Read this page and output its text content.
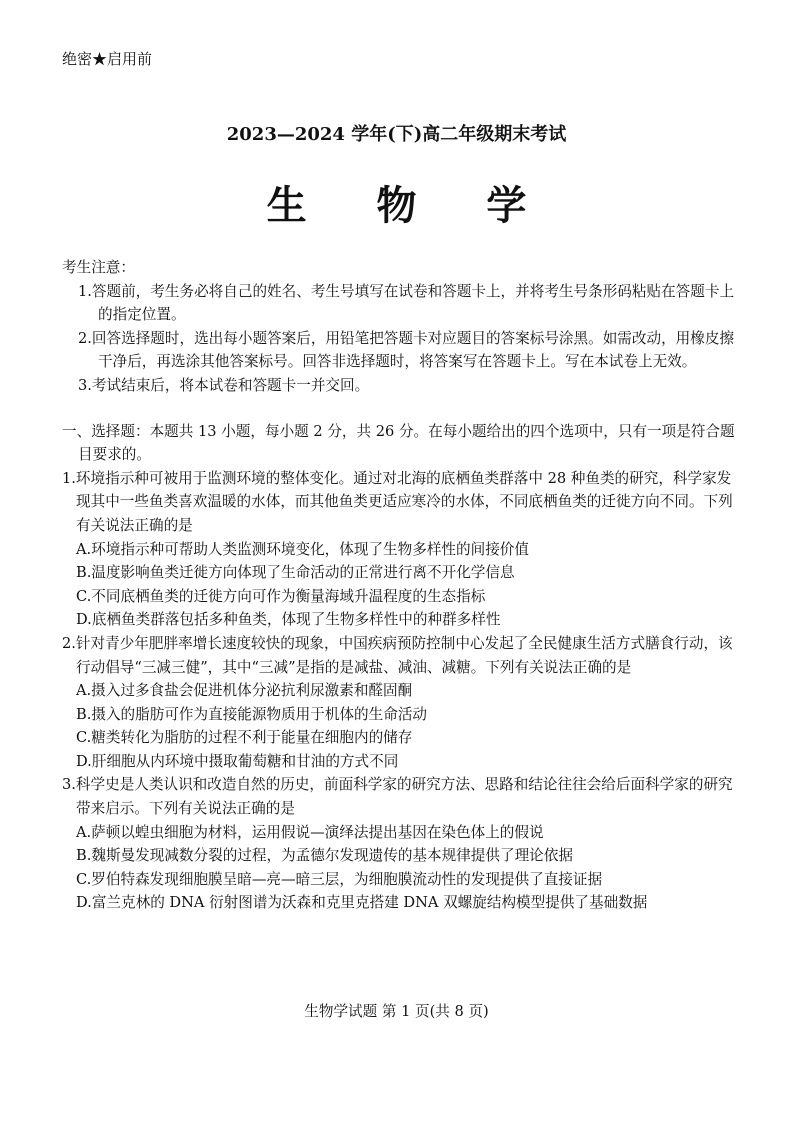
绝密★启用前
2023—2024 学年(下)高二年级期末考试
生 物 学

考生注意：

1.答题前，考生务必将自己的姓名、考生号填写在试卷和答题卡上，并将考生号条形码粘贴在答题卡上的指定位置。

2.回答选择题时，选出每小题答案后，用铅笔把答题卡对应题目的答案标号涂黑。如需改动，用橡皮擦干净后，再选涂其他答案标号。回答非选择题时，将答案写在答题卡上。写在本试卷上无效。

3.考试结束后，将本试卷和答题卡一并交回。

一、选择题：本题共 13 小题，每小题 2 分，共 26 分。在每小题给出的四个选项中，只有一项是符合题目要求的。

1.环境指示种可被用于监测环境的整体变化。通过对北海的底栖鱼类群落中 28 种鱼类的研究，科学家发现其中一些鱼类喜欢温暖的水体，而其他鱼类更适应寒冷的水体，不同底栖鱼类的迁徙方向不同。下列有关说法正确的是

A.环境指示种可帮助人类监测环境变化，体现了生物多样性的间接价值

B.温度影响鱼类迁徙方向体现了生命活动的正常进行离不开化学信息

C.不同底栖鱼类的迁徙方向可作为衡量海域升温程度的生态指标

D.底栖鱼类群落包括多种鱼类，体现了生物多样性中的种群多样性

2.针对青少年肥胖率增长速度较快的现象，中国疾病预防控制中心发起了全民健康生活方式膳食行动，该行动倡导“三减三健”，其中“三减”是指的是减盐、减油、减糖。下列有关说法正确的是

A.摄入过多食盐会促进机体分泌抗利尿激素和醛固酮

B.摄入的脂肪可作为直接能源物质用于机体的生命活动

C.糖类转化为脂肪的过程不利于能量在细胞内的储存

D.肝细胞从内环境中摄取葡萄糖和甘油的方式不同

3.科学史是人类认识和改造自然的历史，前面科学家的研究方法、思路和结论往往会给后面科学家的研究带来启示。下列有关说法正确的是

A.萨顿以蝗虫细胞为材料，运用假说—演绎法提出基因在染色体上的假说

B.魏斯曼发现减数分裂的过程，为孟德尔发现遗传的基本规律提供了理论依据

C.罗伯特森发现细胞膜呈暗—亮—暗三层，为细胞膜流动性的发现提供了直接证据

D.富兰克林的 DNA 衍射图谱为沃森和克里克搭建 DNA 双螺旋结构模型提供了基础数据

生物学试题 第 1 页(共 8 页)
